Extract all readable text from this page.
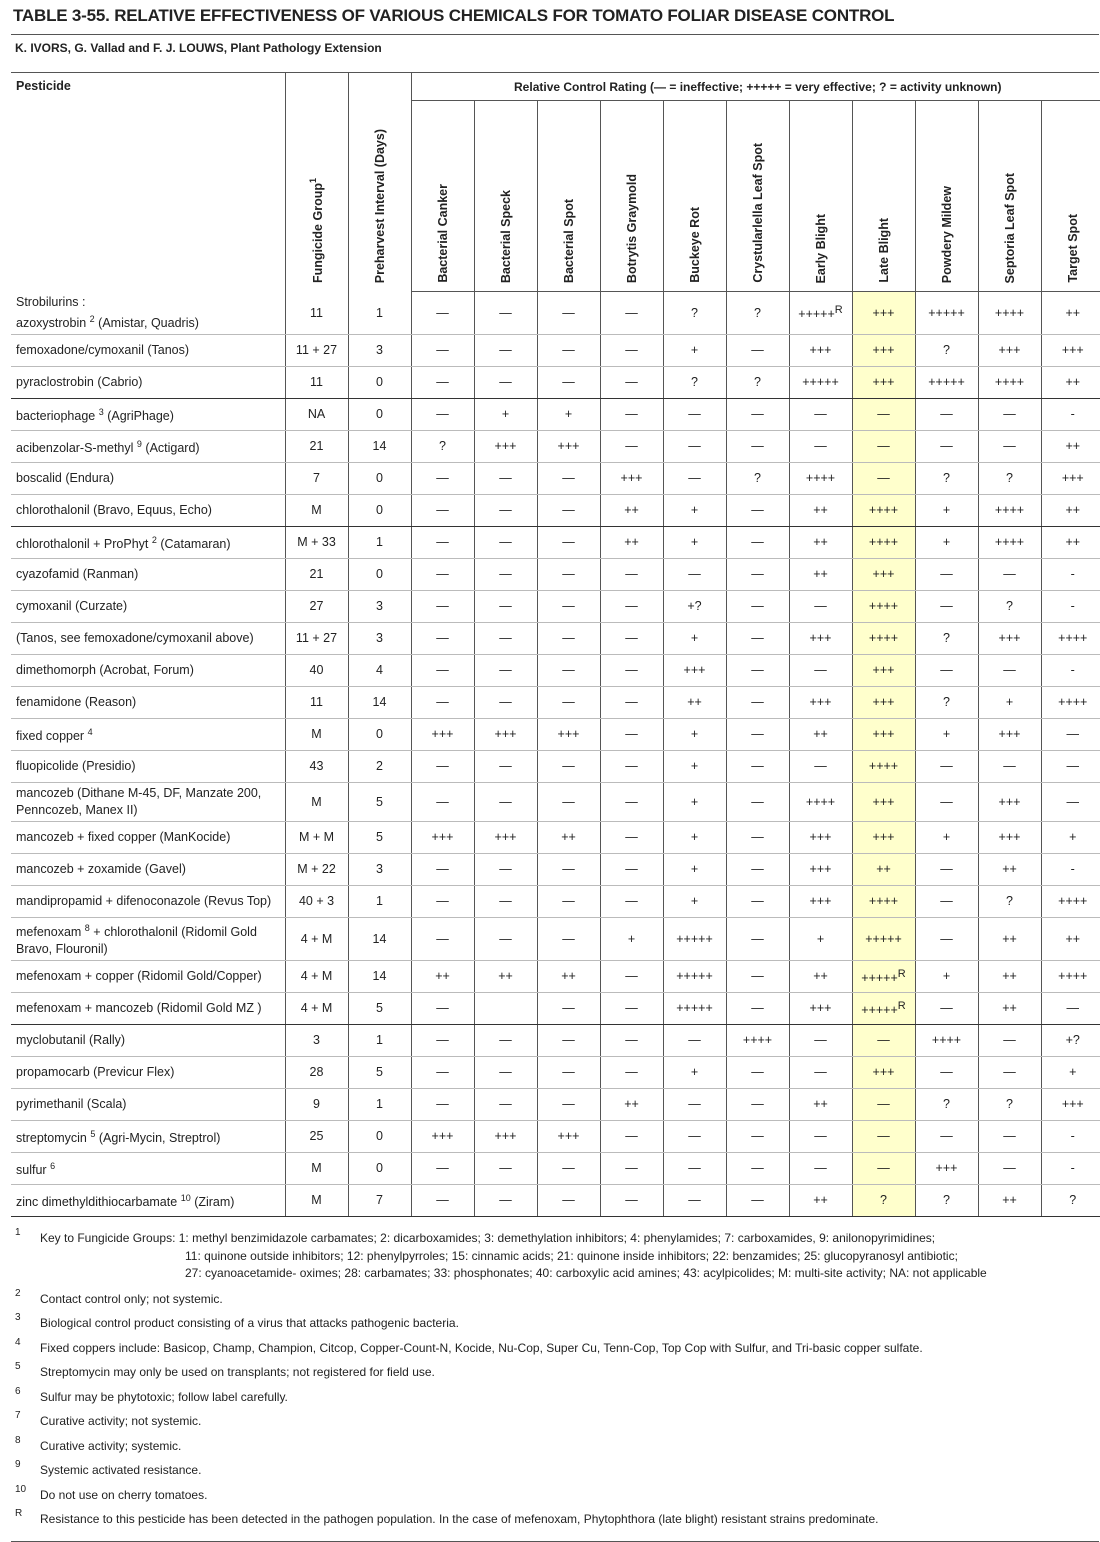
TABLE 3-55. RELATIVE EFFECTIVENESS OF VARIOUS CHEMICALS FOR TOMATO FOLIAR DISEASE CONTROL
K. IVORS, G. Vallad and F. J. LOUWS, Plant Pathology Extension
Pesticide	Fungicide Group$^1$	Preharvest Interval (Days)	Relative Control Rating (— = ineffective; +++++ = very effective; ? = activity unknown)										

			Bacterial Canker	Bacterial Speck	Bacterial Spot	Botrytis Graymold	Buckeye Rot	Crystularlella Leaf Spot	Early Blight	Late Blight	Powdery Mildew	Septoria Leaf Spot	Target Spot

Strobilurins :
azoxystrobin $^2$ (Amistar, Quadris)	11	1	—	—	—	—	?	?	+++++$^R$	+++	+++++	++++	++
femoxadone/cymoxanil (Tanos)	11 + 27	3	—	—	—	—	+	—	+++	+++	?	+++	+++
pyraclostrobin (Cabrio)	11	0	—	—	—	—	?	?	+++++	+++	+++++	++++	++
bacteriophage $^3$ (AgriPhage)	NA	0	—	+	+	—	—	—	—	—	—	—	-
acibenzolar-S-methyl $^9$ (Actigard)	21	14	?	+++	+++	—	—	—	—	—	—	—	++
boscalid (Endura)	7	0	—	—	—	+++	—	?	++++	—	?	?	+++
chlorothalonil (Bravo, Equus, Echo)	M	0	—	—	—	++	+	—	++	++++	+	++++	++
chlorothalonil + ProPhyt $^2$ (Catamaran)	M + 33	1	—	—	—	++	+	—	++	++++	+	++++	++
cyazofamid (Ranman)	21	0	—	—	—	—	—	—	++	+++	—	—	-
cymoxanil (Curzate)	27	3	—	—	—	—	+?	—	—	++++	—	?	-
(Tanos, see femoxadone/cymoxanil above)	11 + 27	3	—	—	—	—	+	—	+++	++++	?	+++	++++
dimethomorph (Acrobat, Forum)	40	4	—	—	—	—	+++	—	—	+++	—	—	-
fenamidone (Reason)	11	14	—	—	—	—	++	—	+++	+++	?	+	++++
fixed copper $^4$	M	0	+++	+++	+++	—	+	—	++	+++	+	+++	—
fluopicolide (Presidio)	43	2	—	—	—	—	+	—	—	++++	—	—	—
mancozeb (Dithane M-45, DF, Manzate 200, Penncozeb, Manex II)	M	5	—	—	—	—	+	—	++++	+++	—	+++	—
mancozeb + fixed copper (ManKocide)	M + M	5	+++	+++	++	—	+	—	+++	+++	+	+++	+
mancozeb + zoxamide (Gavel)	M + 22	3	—	—	—	—	+	—	+++	++	—	++	-
mandipropamid + difenoconazole (Revus Top)	40 + 3	1	—	—	—	—	+	—	+++	++++	—	?	++++
mefenoxam $^8$ + chlorothalonil (Ridomil Gold Bravo, Flouronil)	4 + M	14	—	—	—	+	+++++	—	+	+++++	—	++	++
mefenoxam + copper (Ridomil Gold/Copper)	4 + M	14	++	++	++	—	+++++	—	++	+++++$^R$	+	++	++++
mefenoxam + mancozeb (Ridomil Gold MZ )	4 + M	5	—		—	—	+++++	—	+++	+++++$^R$	—	++	—
myclobutanil (Rally)	3	1	—	—	—	—	—	++++	—	—	++++	—	+?
propamocarb (Previcur Flex)	28	5	—	—	—	—	+	—	—	+++	—	—	+
pyrimethanil (Scala)	9	1	—	—	—	++	—	—	++	—	?	?	+++
streptomycin $^5$ (Agri-Mycin, Streptrol)	25	0	+++	+++	+++	—	—	—	—	—	—	—	-
sulfur $^6$	M	0	—	—	—	—	—	—	—	—	+++	—	-
zinc dimethyldithiocarbamate $^{10}$ (Ziram)	M	7	—	—	—	—	—	—	++	?	?	++	?
1 Key to Fungicide Groups: 1: methyl benzimidazole carbamates; 2: dicarboxamides; 3: demethylation inhibitors; 4: phenylamides; 7: carboxamides, 9: anilonopyrimidines;
11: quinone outside inhibitors; 12: phenylpyrroles; 15: cinnamic acids; 21: quinone inside inhibitors; 22: benzamides; 25: glucopyranosyl antibiotic;
27: cyanoacetamide- oximes; 28: carbamates; 33: phosphonates; 40: carboxylic acid amines; 43: acylpicolides; M: multi-site activity; NA: not applicable
2 Contact control only; not systemic.
3 Biological control product consisting of a virus that attacks pathogenic bacteria.
4 Fixed coppers include: Basicop, Champ, Champion, Citcop, Copper-Count-N, Kocide, Nu-Cop, Super Cu, Tenn-Cop, Top Cop with Sulfur, and Tri-basic copper sulfate.
5 Streptomycin may only be used on transplants; not registered for field use.
6 Sulfur may be phytotoxic; follow label carefully.
7 Curative activity; not systemic.
8 Curative activity; systemic.
9 Systemic activated resistance.
10 Do not use on cherry tomatoes.
R Resistance to this pesticide has been detected in the pathogen population. In the case of mefenoxam, Phytophthora (late blight) resistant strains predominate.
